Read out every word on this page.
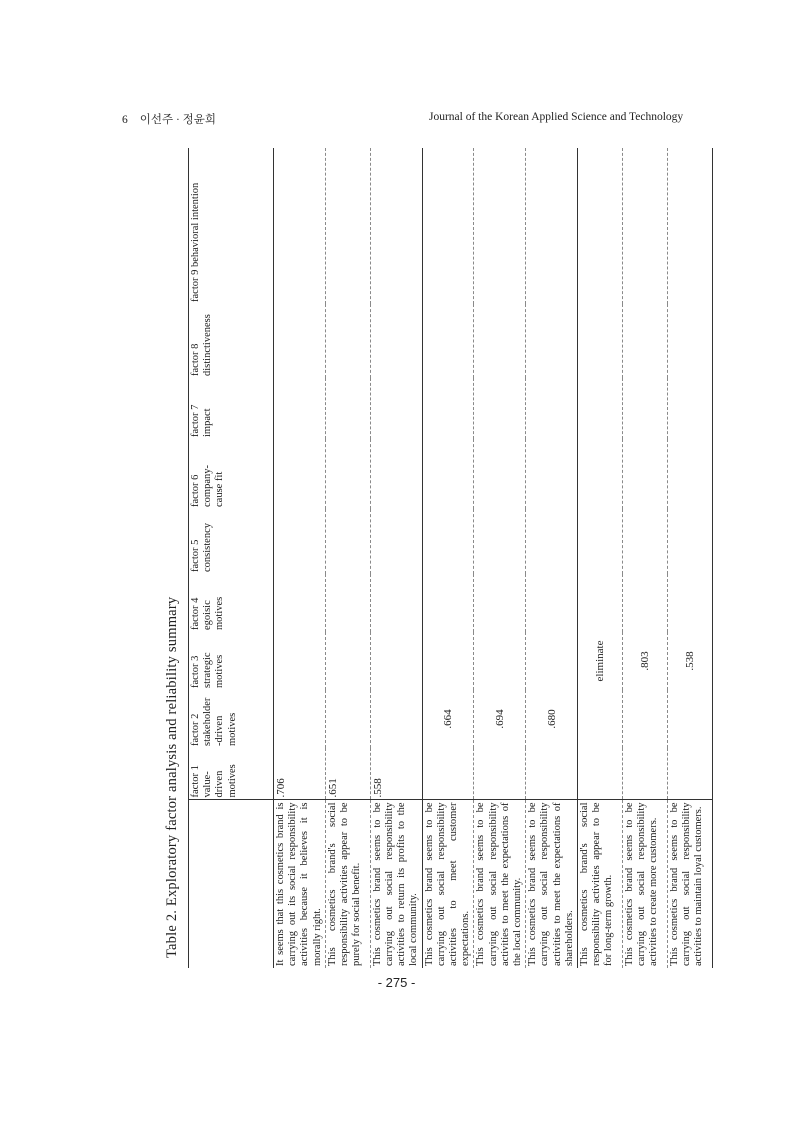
6 이선주 · 정윤희	Journal of the Korean Applied Science and Technology
Table 2. Exploratory factor analysis and reliability summary
	factor 1 value-driven motives	factor 2 stakeholder -driven motives	factor 3 strategic motives	factor 4 egoisic motives	factor 5 consistency	factor 6 company- cause fit	factor 7 impact	factor 8 distinctiveness	factor 9 behavioral intention
It seems that this cosmetics brand is carrying out its social responsibility activities because it believes it is morally right.	.706								
This cosmetics brand's social responsibility activities appear to be purely for social benefit.	.651								
This cosmetics brand seems to be carrying out social responsibility activities to return its profits to the local community.	.558								
This cosmetics brand seems to be carrying out social responsibility activities to meet customer expectations.		.664							
This cosmetics brand seems to be carrying out social responsibility activities to meet the expectations of the local community.		.694							
This cosmetics brand seems to be carrying out social responsibility activities to meet the expectations of shareholders.		.680							
This cosmetics brand's social responsibility activities appear to be for long-term growth.			eliminate						
This cosmetics brand seems to be carrying out social responsibility activities to create more customers.			.803						
This cosmetics brand seems to be carrying out social responsibility activities to maintain loyal customers.			.538						
- 275 -
